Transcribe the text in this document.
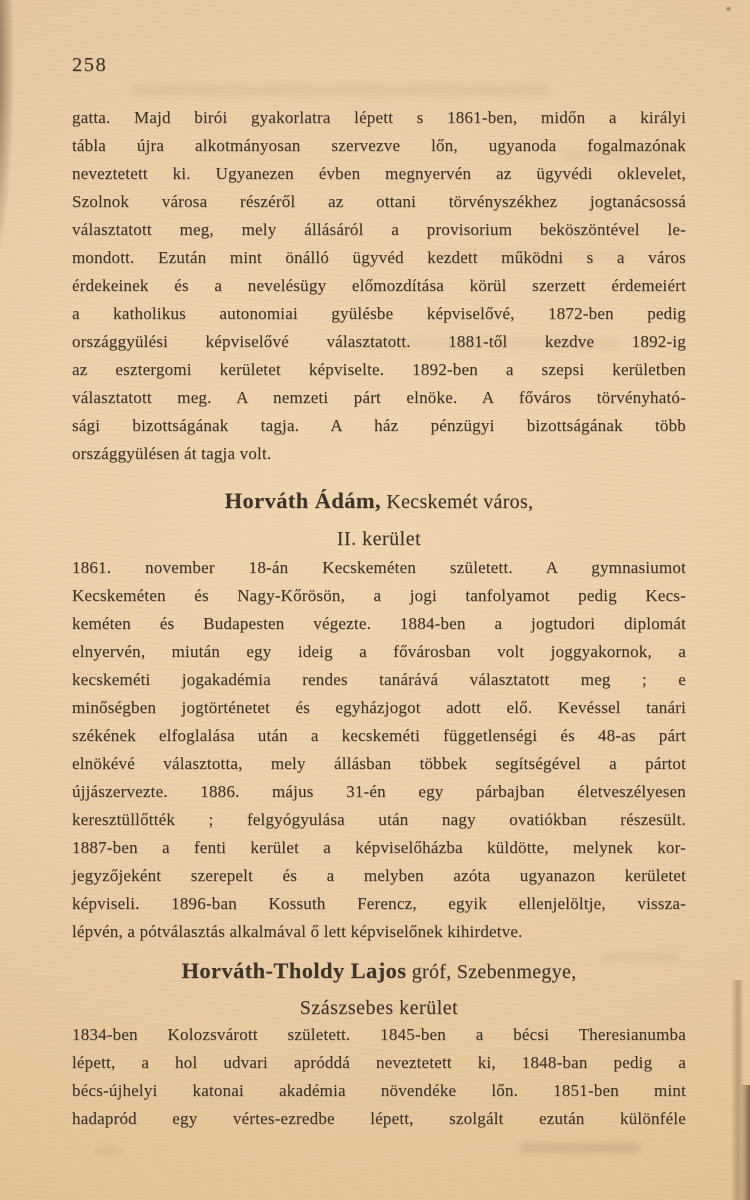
258
gatta. Majd birói gyakorlatra lépett s 1861-ben, midőn a királyi
tábla újra alkotmányosan szervezve lőn, ugyanoda fogalmazónak
neveztetett ki. Ugyanezen évben megnyervén az ügyvédi oklevelet,
Szolnok városa részéről az ottani törvényszékhez jogtanácsossá
választatott meg, mely állásáról a provisorium beköszöntével le-
mondott. Ezután mint önálló ügyvéd kezdett működni s a város
érdekeinek és a nevelésügy előmozdítása körül szerzett érdemeiért
a katholikus autonomiai gyülésbe képviselővé, 1872-ben pedig
országgyülési képviselővé választatott. 1881-től kezdve 1892-ig
az esztergomi kerületet képviselte. 1892-ben a szepsi kerületben
választatott meg. A nemzeti párt elnöke. A főváros törvényható-
sági bizottságának tagja. A ház pénzügyi bizottságának több
országgyülésen át tagja volt.
Horváth Ádám, Kecskemét város,
II. kerület
1861. november 18-án Kecskeméten született. A gymnasiumot
Kecskeméten és Nagy-Kőrösön, a jogi tanfolyamot pedig Kecs-
keméten és Budapesten végezte. 1884-ben a jogtudori diplomát
elnyervén, miután egy ideig a fővárosban volt joggyakornok, a
kecskeméti jogakadémia rendes tanárává választatott meg ; e
minőségben jogtörténetet és egyházjogot adott elő. Kevéssel tanári
székének elfoglalása után a kecskeméti függetlenségi és 48-as párt
elnökévé választotta, mely állásban többek segítségével a pártot
újjászervezte. 1886. május 31-én egy párbajban életveszélyesen
keresztüllőtték ; felgyógyulása után nagy ovatiókban részesült.
1887-ben a fenti kerület a képviselőházba küldötte, melynek kor-
jegyzőjeként szerepelt és a melyben azóta ugyanazon kerületet
képviseli. 1896-ban Kossuth Ferencz, egyik ellenjelöltje, vissza-
lépvén, a pótválasztás alkalmával ő lett képviselőnek kihirdetve.
Horváth-Tholdy Lajos gróf, Szebenmegye,
Szászsebes kerület
1834-ben Kolozsvárott született. 1845-ben a bécsi Theresianumba
lépett, a hol udvari apróddá neveztetett ki, 1848-ban pedig a
bécs-újhelyi katonai akadémia növendéke lőn. 1851-ben mint
hadapród egy vértes-ezredbe lépett, szolgált ezután különféle
